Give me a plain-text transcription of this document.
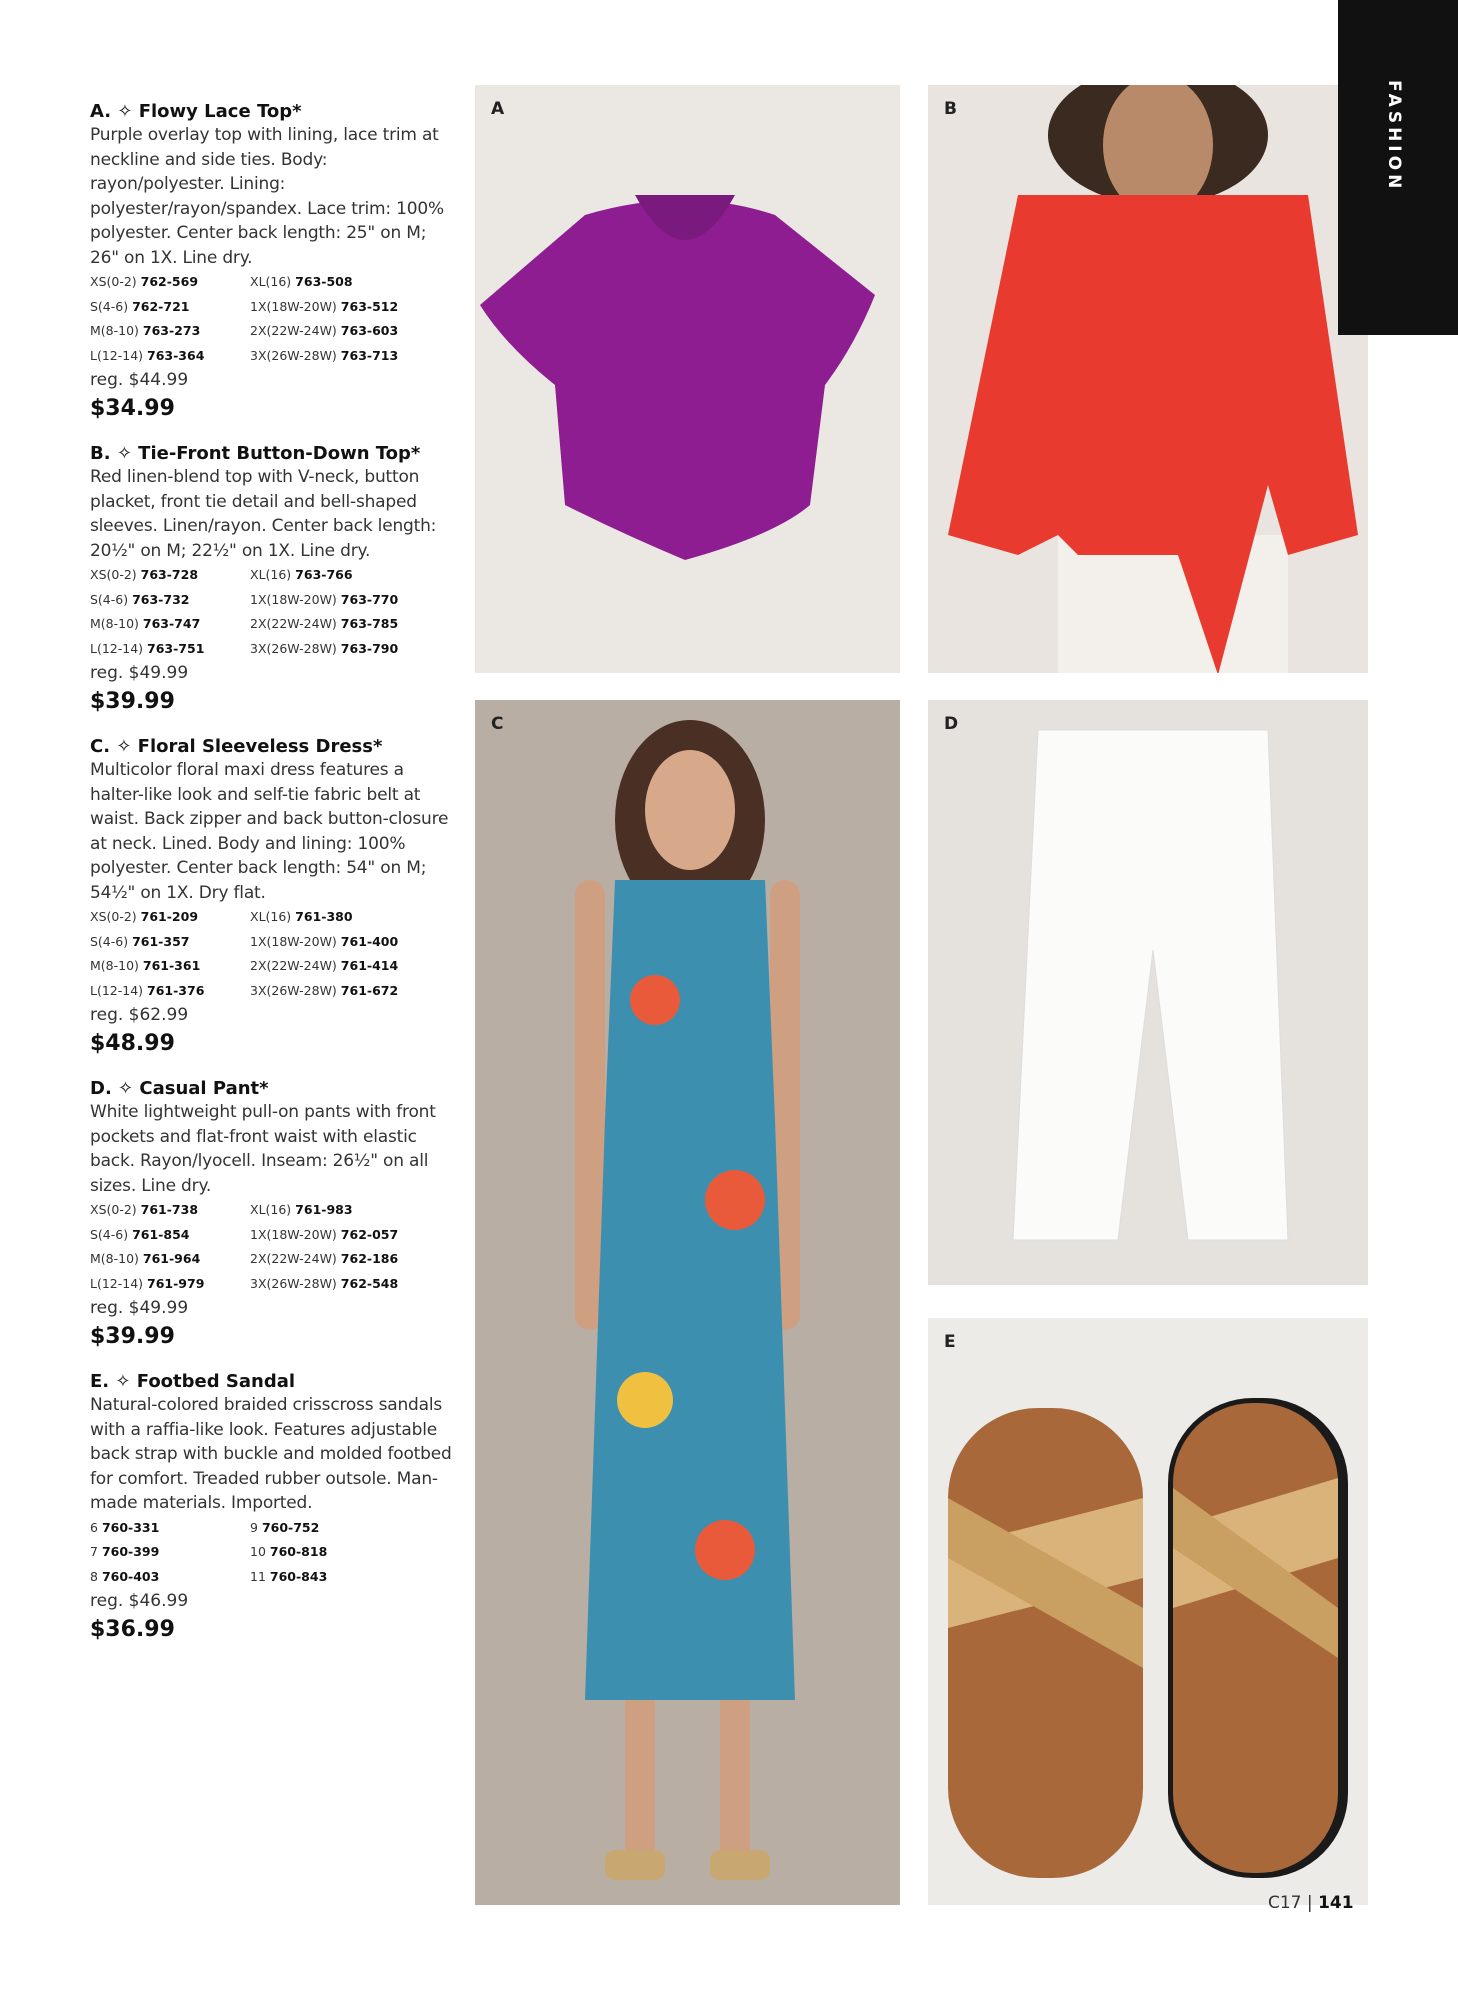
A. ✧ Flowy Lace Top*
Purple overlay top with lining, lace trim at neckline and side ties. Body: rayon/polyester. Lining: polyester/rayon/spandex. Lace trim: 100% polyester. Center back length: 25" on M; 26" on 1X. Line dry.
XS(0-2) 762-569	XL(16) 763-508
S(4-6) 762-721	1X(18W-20W) 763-512
M(8-10) 763-273	2X(22W-24W) 763-603
L(12-14) 763-364	3X(26W-28W) 763-713
reg. $44.99
$34.99
B. ✧ Tie-Front Button-Down Top*
Red linen-blend top with V-neck, button placket, front tie detail and bell-shaped sleeves. Linen/rayon. Center back length: 20½" on M; 22½" on 1X. Line dry.
XS(0-2) 763-728	XL(16) 763-766
S(4-6) 763-732	1X(18W-20W) 763-770
M(8-10) 763-747	2X(22W-24W) 763-785
L(12-14) 763-751	3X(26W-28W) 763-790
reg. $49.99
$39.99
C. ✧ Floral Sleeveless Dress*
Multicolor floral maxi dress features a halter-like look and self-tie fabric belt at waist. Back zipper and back button-closure at neck. Lined. Body and lining: 100% polyester. Center back length: 54" on M; 54½" on 1X. Dry flat.
XS(0-2) 761-209	XL(16) 761-380
S(4-6) 761-357	1X(18W-20W) 761-400
M(8-10) 761-361	2X(22W-24W) 761-414
L(12-14) 761-376	3X(26W-28W) 761-672
reg. $62.99
$48.99
D. ✧ Casual Pant*
White lightweight pull-on pants with front pockets and flat-front waist with elastic back. Rayon/lyocell. Inseam: 26½" on all sizes. Line dry.
XS(0-2) 761-738	XL(16) 761-983
S(4-6) 761-854	1X(18W-20W) 762-057
M(8-10) 761-964	2X(22W-24W) 762-186
L(12-14) 761-979	3X(26W-28W) 762-548
reg. $49.99
$39.99
E. ✧ Footbed Sandal
Natural-colored braided crisscross sandals with a raffia-like look. Features adjustable back strap with buckle and molded footbed for comfort. Treaded rubber outsole. Man-made materials. Imported.
6 760-331	9 760-752
7 760-399	10 760-818
8 760-403	11 760-843
reg. $46.99
$36.99
A	B
C	D
E
FASHION
C17 | 141
